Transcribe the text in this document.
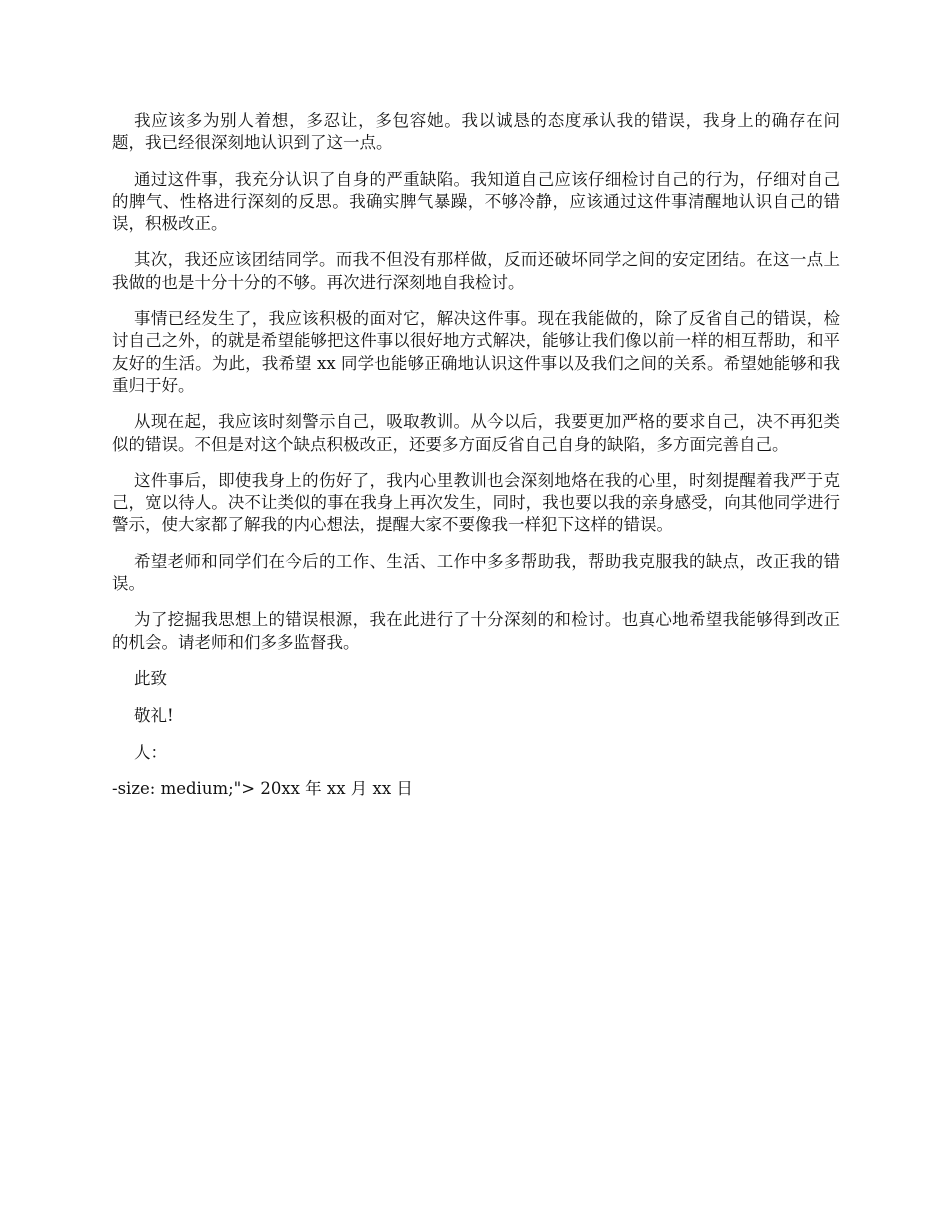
我应该多为别人着想，多忍让，多包容她。我以诚恳的态度承认我的错误，我身上的确存在问题，我已经很深刻地认识到了这一点。

通过这件事，我充分认识了自身的严重缺陷。我知道自己应该仔细检讨自己的行为，仔细对自己的脾气、性格进行深刻的反思。我确实脾气暴躁，不够冷静，应该通过这件事清醒地认识自己的错误，积极改正。

其次，我还应该团结同学。而我不但没有那样做，反而还破坏同学之间的安定团结。在这一点上我做的也是十分十分的不够。再次进行深刻地自我检讨。

事情已经发生了，我应该积极的面对它，解决这件事。现在我能做的，除了反省自己的错误，检讨自己之外，的就是希望能够把这件事以很好地方式解决，能够让我们像以前一样的相互帮助，和平友好的生活。为此，我希望 xx 同学也能够正确地认识这件事以及我们之间的关系。希望她能够和我重归于好。

从现在起，我应该时刻警示自己，吸取教训。从今以后，我要更加严格的要求自己，决不再犯类似的错误。不但是对这个缺点积极改正，还要多方面反省自己自身的缺陷，多方面完善自己。

这件事后，即使我身上的伤好了，我内心里教训也会深刻地烙在我的心里，时刻提醒着我严于克己，宽以待人。决不让类似的事在我身上再次发生，同时，我也要以我的亲身感受，向其他同学进行警示，使大家都了解我的内心想法，提醒大家不要像我一样犯下这样的错误。

希望老师和同学们在今后的工作、生活、工作中多多帮助我，帮助我克服我的缺点，改正我的错误。

为了挖掘我思想上的错误根源，我在此进行了十分深刻的和检讨。也真心地希望我能够得到改正的机会。请老师和们多多监督我。

此致

敬礼!

人：

-size: medium;"> 20xx 年 xx 月 xx 日
